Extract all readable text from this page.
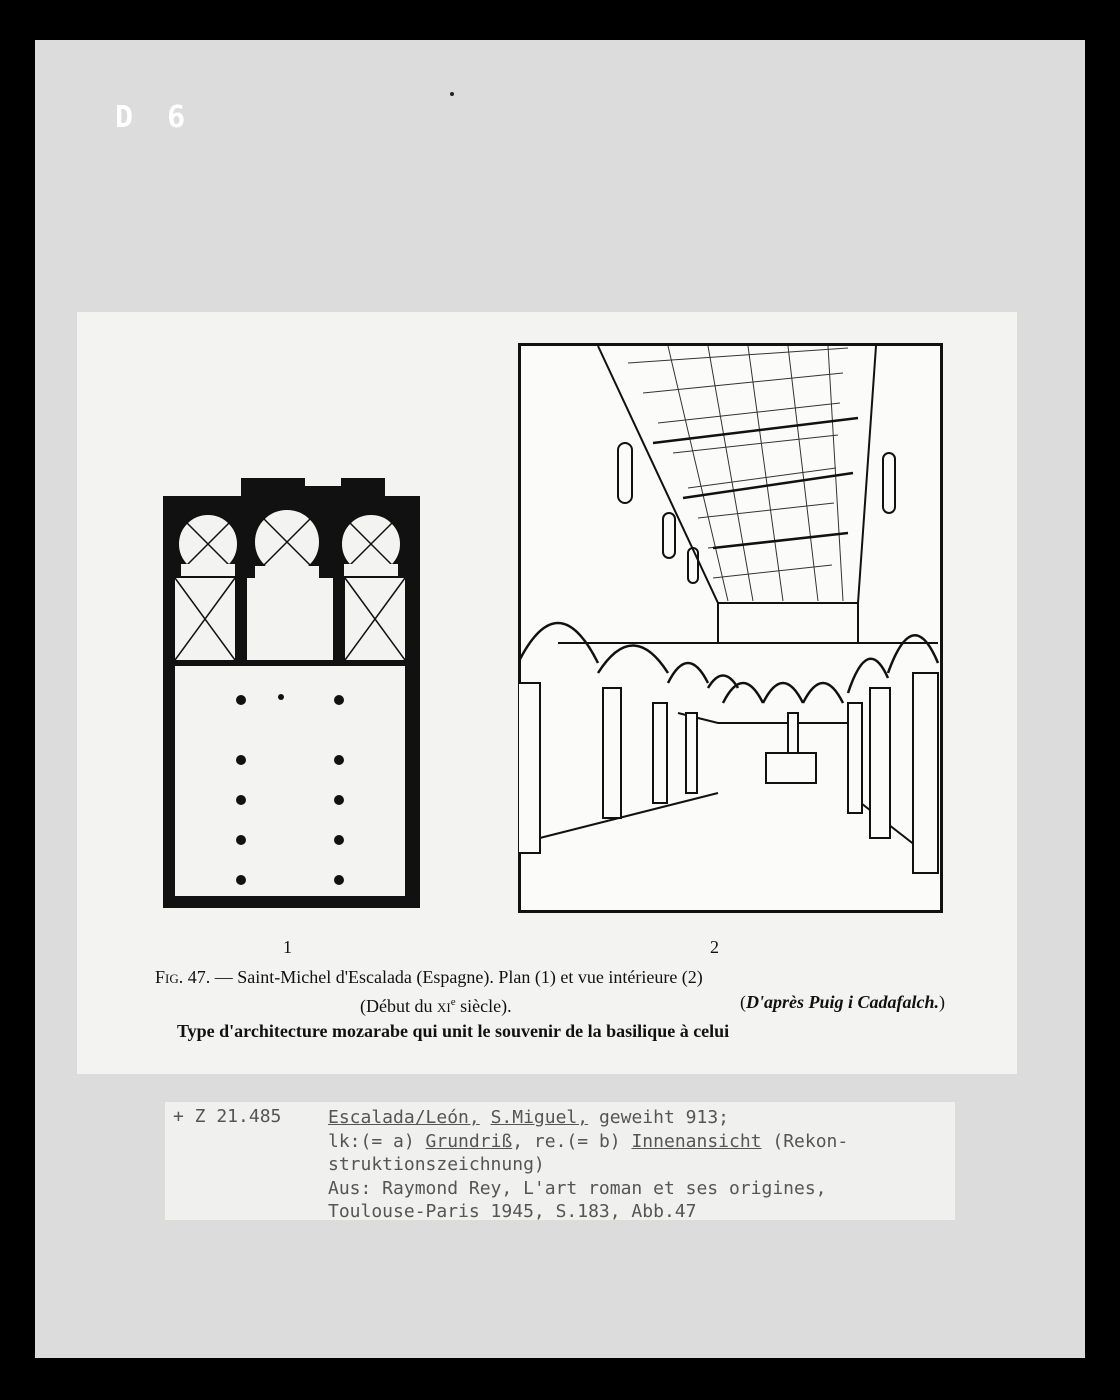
D 6
1	2
Fig. 47. — Saint-Michel d'Escalada (Espagne). Plan (1) et vue intérieure (2)
(Début du $xi^e$ siècle).	(D'après Puig i Cadafalch.)
Type d'architecture mozarabe qui unit le souvenir de la basilique à celui
+ Z 21.485	Escalada/León, S.Miguel, geweiht 913;
lk:(= a) Grundriß, re.(= b) Innenansicht (Rekon-
struktionszeichnung)
Aus: Raymond Rey, L'art roman et ses origines,
Toulouse-Paris 1945, S.183, Abb.47
